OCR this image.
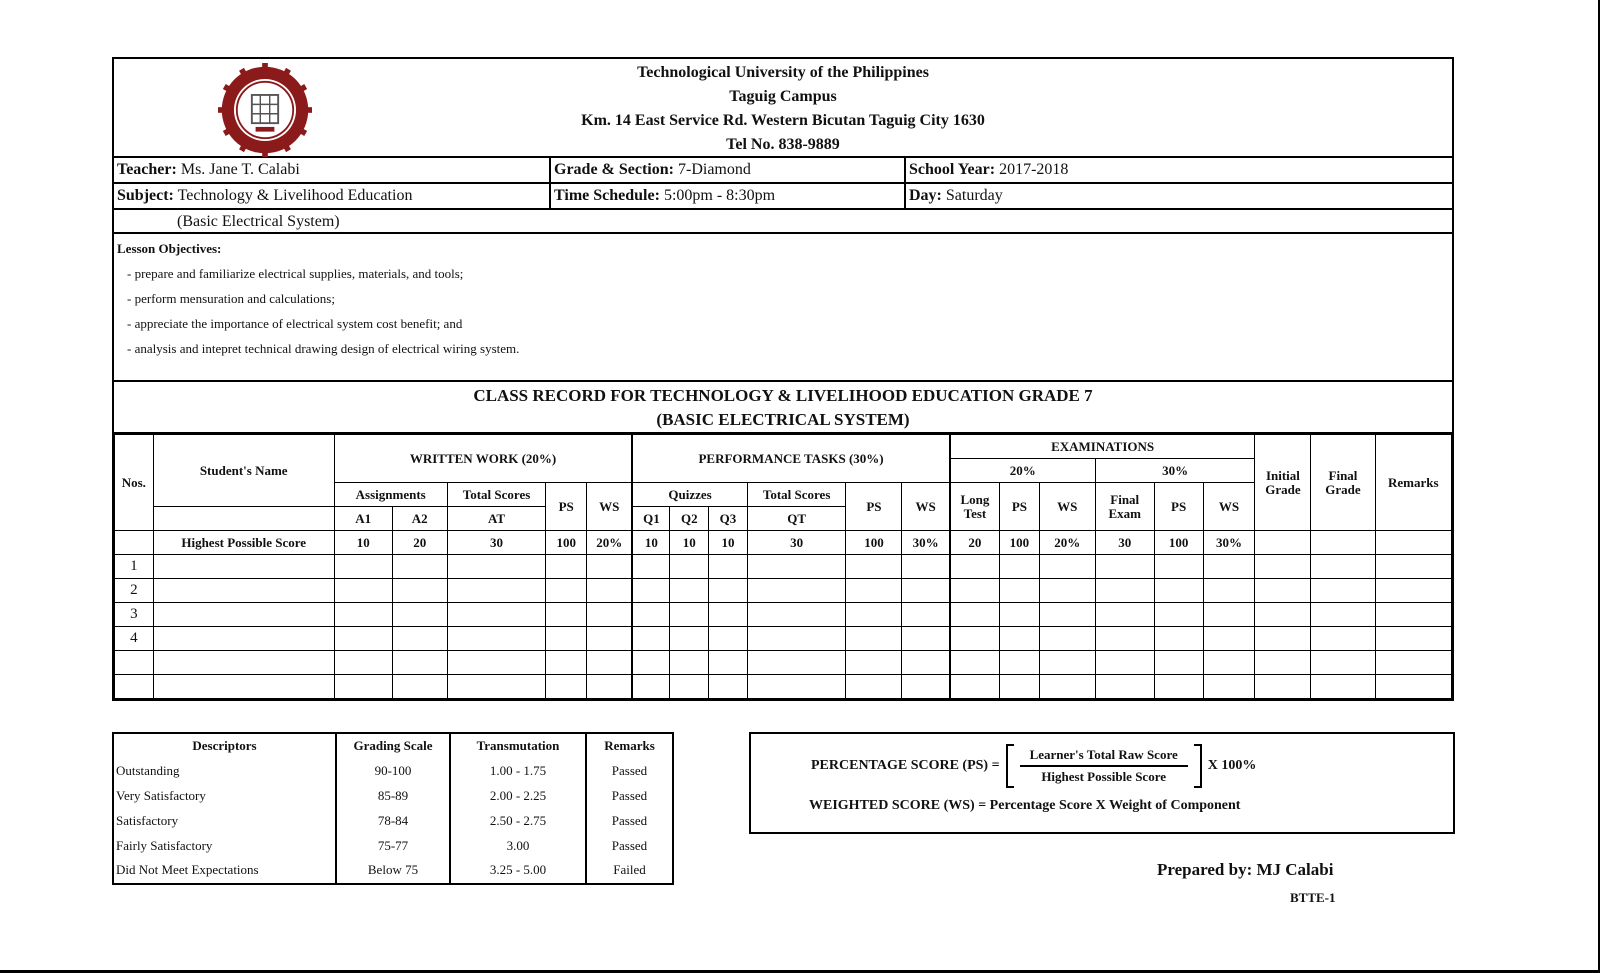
Technological University of the Philippines
Taguig Campus
Km. 14 East Service Rd. Western Bicutan Taguig City 1630
Tel No. 838-9889
Teacher: Ms. Jane T. Calabi	Grade & Section: 7-Diamond	School Year: 2017-2018
Subject: Technology & Livelihood Education	Time Schedule: 5:00pm - 8:30pm	Day: Saturday
(Basic Electrical System)
Lesson Objectives:
- prepare and familiarize electrical supplies, materials, and tools;
- perform mensuration and calculations;
- appreciate the importance of electrical system cost benefit; and
- analysis and intepret technical drawing design of electrical wiring system.
CLASS RECORD FOR TECHNOLOGY & LIVELIHOOD EDUCATION GRADE 7
(BASIC ELECTRICAL SYSTEM)
Nos.	Student's Name	WRITTEN WORK (20%)					PERFORMANCE TASKS (30%)						EXAMINATIONS						Initial Grade	Final Grade	Remarks
													20%			30%					
		Assignments		Total Scores	PS	WS	Quizzes			Total Scores	PS	WS	Long Test	PS	WS	Final Exam	PS	WS			
		A1	A2	AT			Q1	Q2	Q3	QT											
	Highest Possible Score	10	20	30	100	20%	10	10	10	30	100	30%	20	100	20%	30	100	30%			
1																					
2																					
3																					
4																					

Descriptors	Grading Scale	Transmutation	Remarks
Outstanding	90-100	1.00 - 1.75	Passed
Very Satisfactory	85-89	2.00 - 2.25	Passed
Satisfactory	78-84	2.50 - 2.75	Passed
Fairly Satisfactory	75-77	3.00	Passed
Did Not Meet Expectations	Below 75	3.25 - 5.00	Failed
PERCENTAGE SCORE $(PS) = \frac{\text{Learner's Total Raw Score}}{\text{Highest Possible Score}}$ X 100%
WEIGHTED SCORE (WS) = Percentage Score X Weight of Component
Prepared by: MJ Calabi
BTTE-1
